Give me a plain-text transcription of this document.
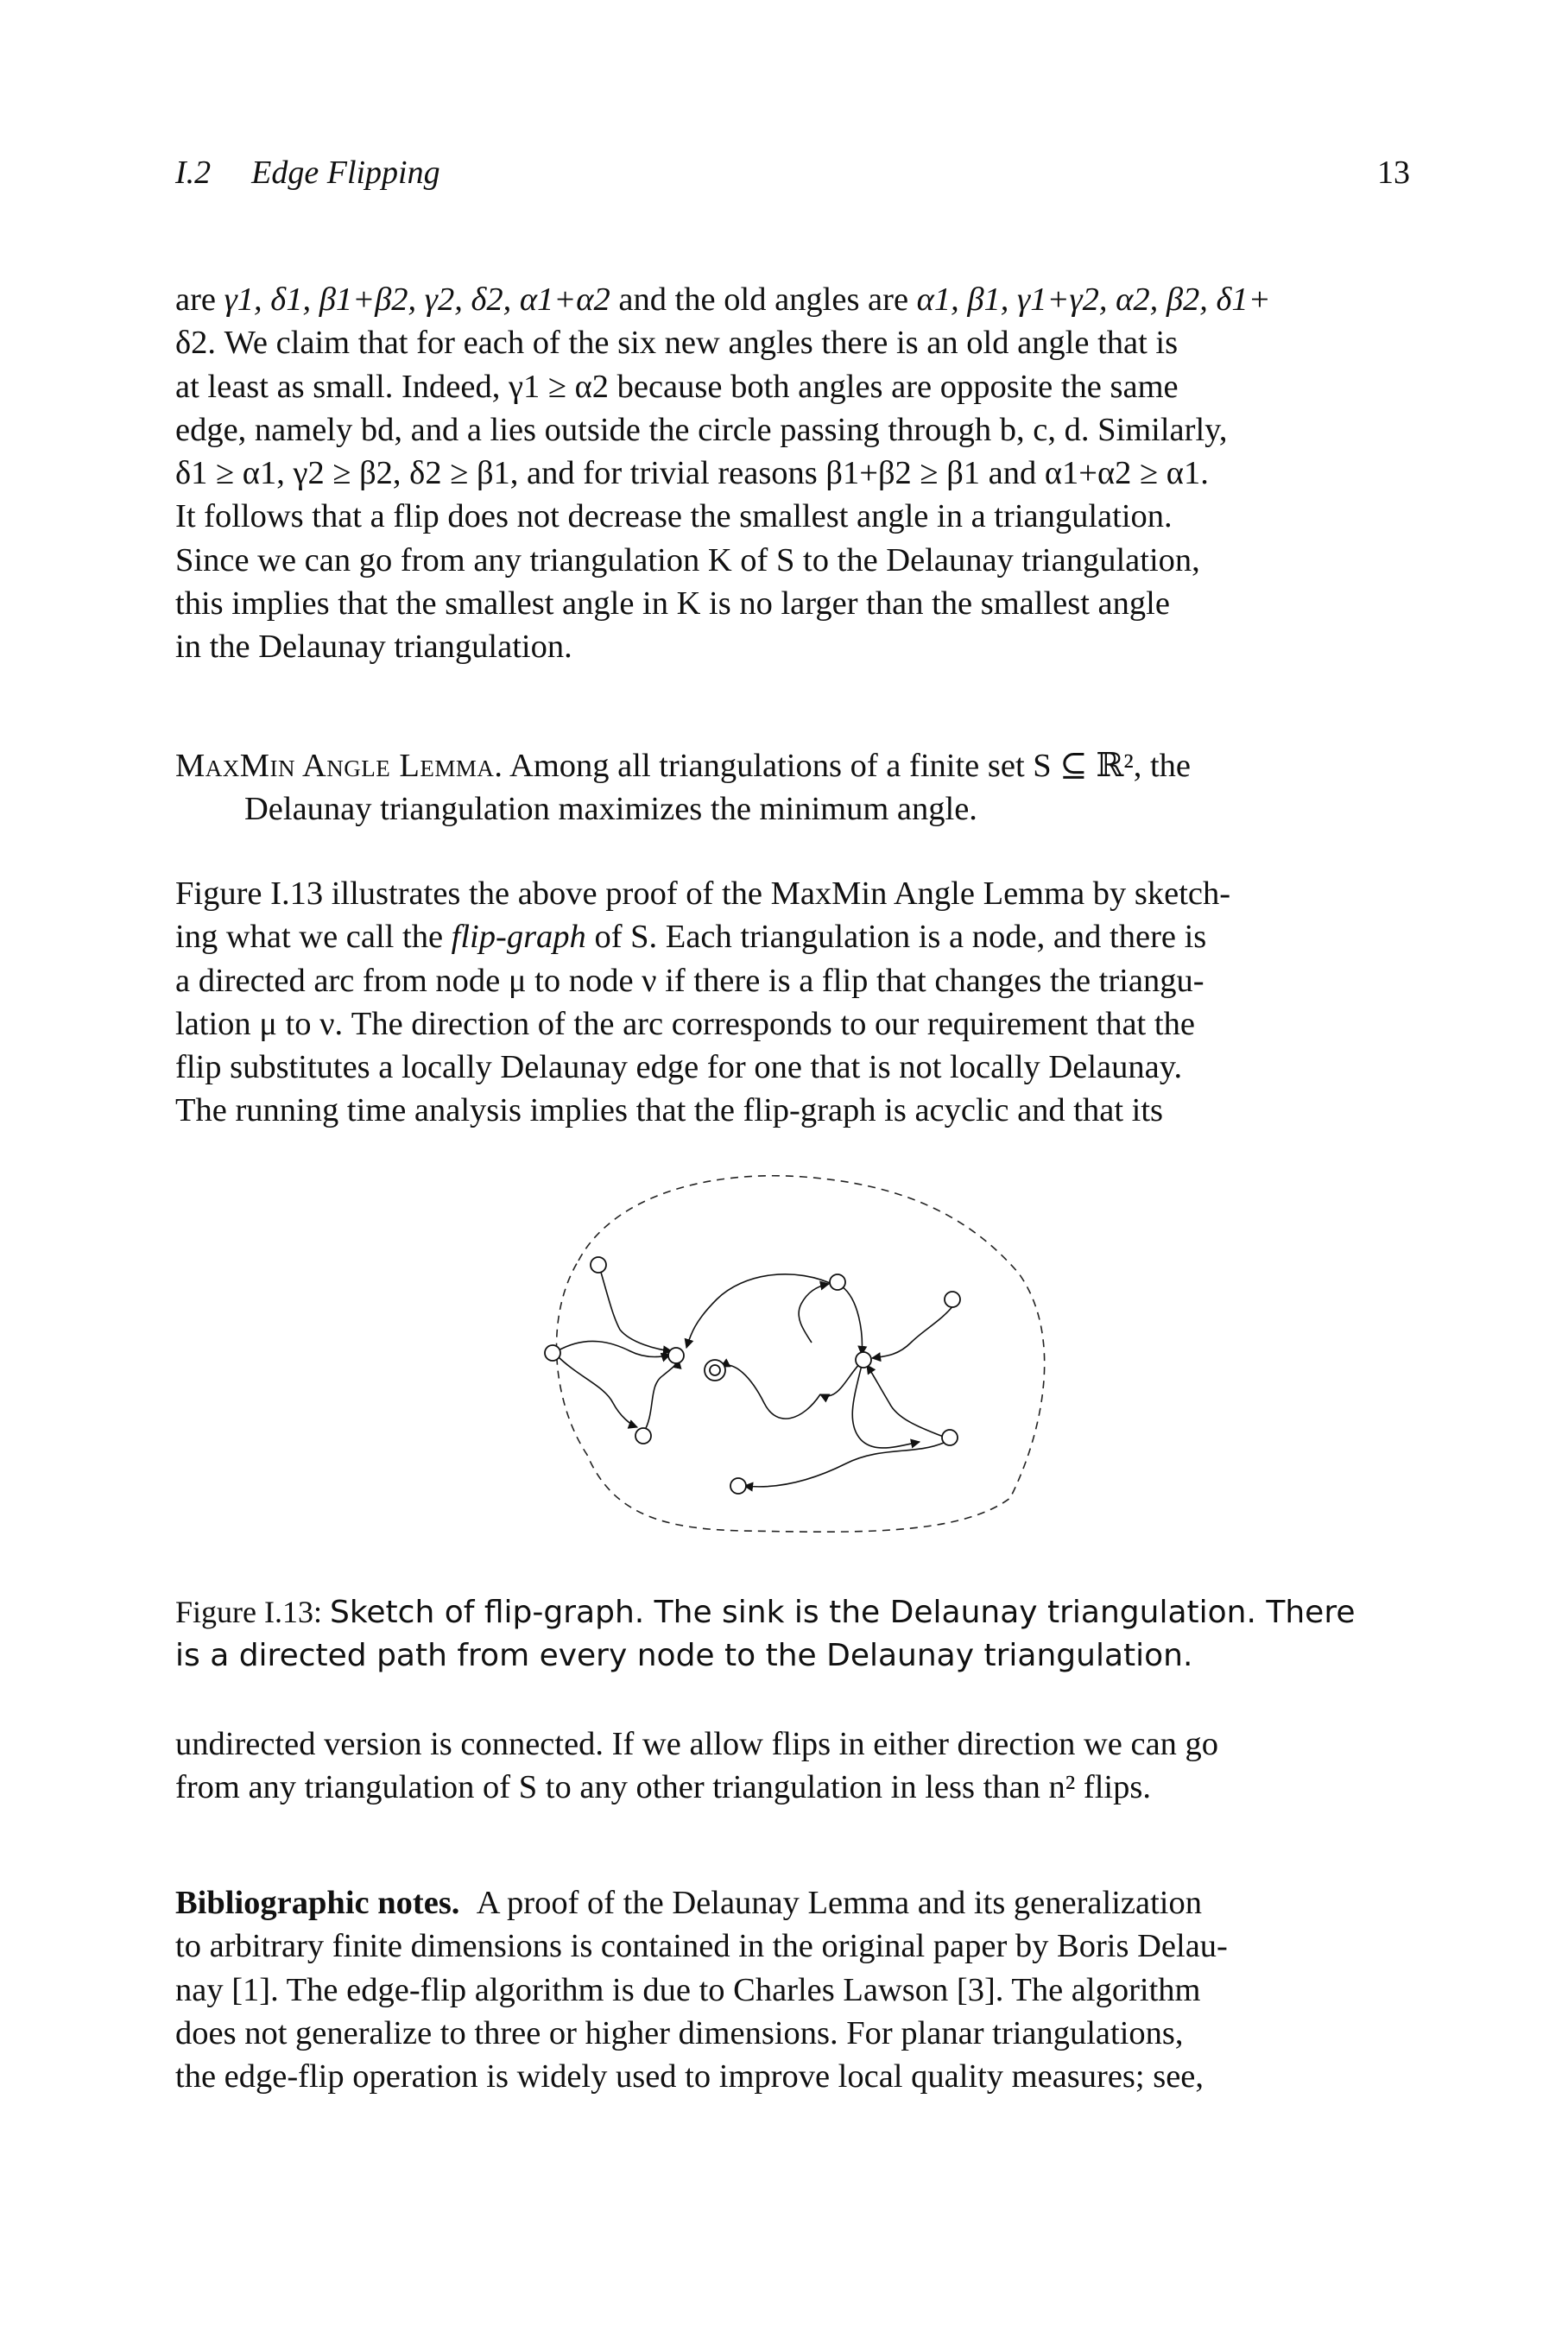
I.2 Edge Flipping	13

are γ1, δ1, β1+β2, γ2, δ2, α1+α2 and the old angles are α1, β1, γ1+γ2, α2, β2, δ1+

δ2. We claim that for each of the six new angles there is an old angle that is

at least as small. Indeed, γ1 ≥ α2 because both angles are opposite the same

edge, namely bd, and a lies outside the circle passing through b, c, d. Similarly,

δ1 ≥ α1, γ2 ≥ β2, δ2 ≥ β1, and for trivial reasons β1+β2 ≥ β1 and α1+α2 ≥ α1.

It follows that a flip does not decrease the smallest angle in a triangulation.

Since we can go from any triangulation K of S to the Delaunay triangulation,

this implies that the smallest angle in K is no larger than the smallest angle

in the Delaunay triangulation.

MaxMin Angle Lemma. Among all triangulations of a finite set S ⊆ ℝ², the

Delaunay triangulation maximizes the minimum angle.

Figure I.13 illustrates the above proof of the MaxMin Angle Lemma by sketch-

ing what we call the flip-graph of S. Each triangulation is a node, and there is

a directed arc from node μ to node ν if there is a flip that changes the triangu-

lation μ to ν. The direction of the arc corresponds to our requirement that the

flip substitutes a locally Delaunay edge for one that is not locally Delaunay.

The running time analysis implies that the flip-graph is acyclic and that its

Figure I.13: Sketch of flip-graph. The sink is the Delaunay triangulation. There

is a directed path from every node to the Delaunay triangulation.

undirected version is connected. If we allow flips in either direction we can go

from any triangulation of S to any other triangulation in less than n² flips.

Bibliographic notes. A proof of the Delaunay Lemma and its generalization

to arbitrary finite dimensions is contained in the original paper by Boris Delau-

nay [1]. The edge-flip algorithm is due to Charles Lawson [3]. The algorithm

does not generalize to three or higher dimensions. For planar triangulations,

the edge-flip operation is widely used to improve local quality measures; see,
